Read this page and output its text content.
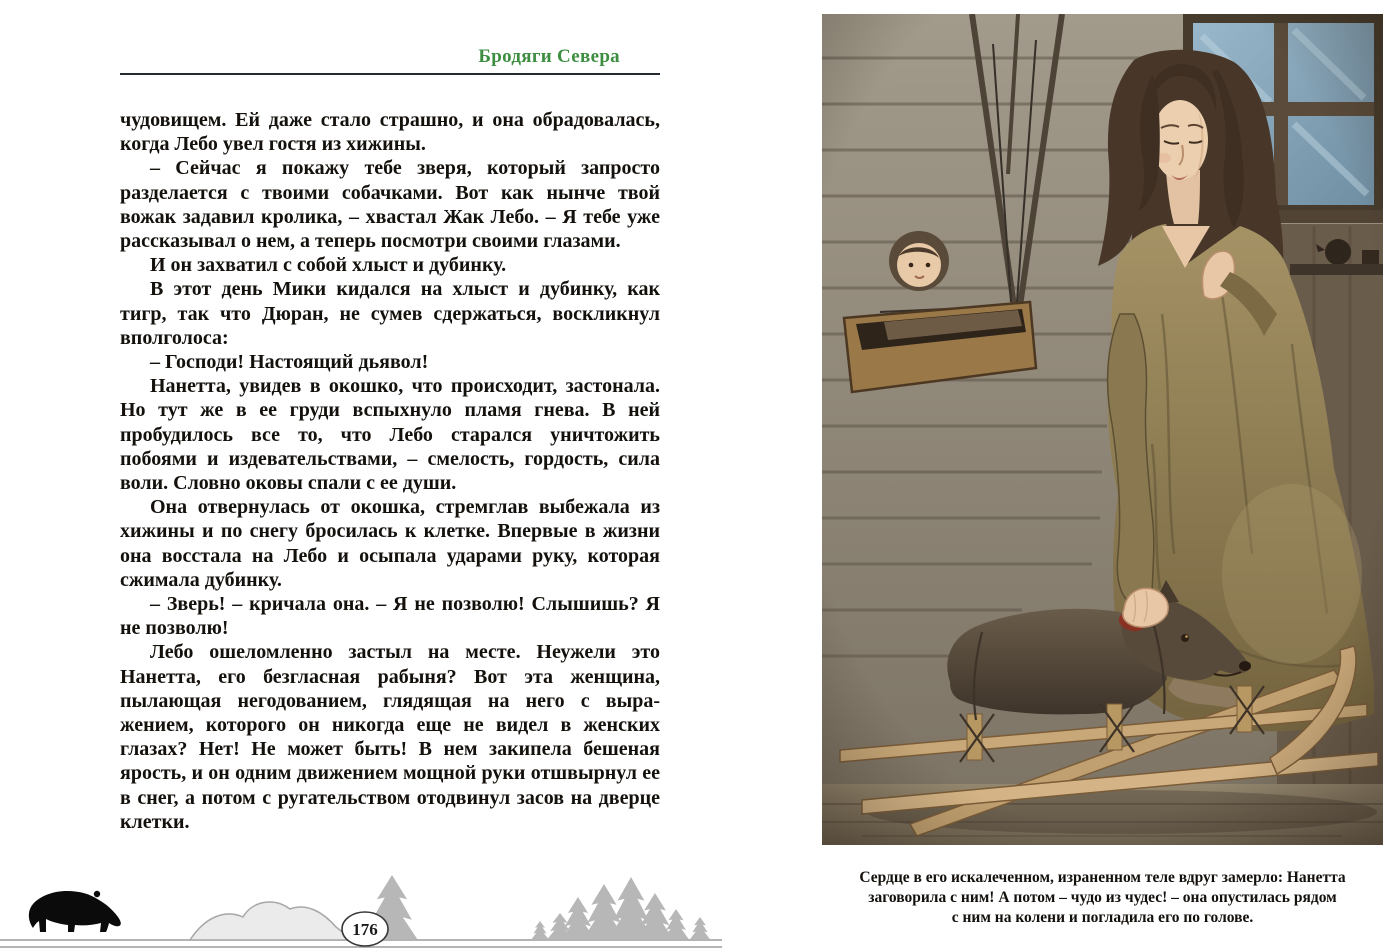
Бродяги Севера

чудовищем. Ей даже стало страшно, и она обрадовалась, когда Лебо увел гостя из хижины.

– Сейчас я покажу тебе зверя, который запросто разделается с твоими собачками. Вот как нынче твой вожак задавил кролика, – хвастал Жак Лебо. – Я тебе уже рассказывал о нем, а теперь посмотри своими глазами.

И он захватил с собой хлыст и дубинку.

В этот день Мики кидался на хлыст и дубинку, как тигр, так что Дюран, не сумев сдержаться, воскликнул вполголоса:

– Господи! Настоящий дьявол!

Нанетта, увидев в окошко, что происходит, застонала. Но тут же в ее груди вспыхнуло пламя гнева. В ней пробудилось все то, что Лебо старался уничтожить побоями и издевательствами, – смелость, гордость, сила воли. Словно оковы спали с ее души.

Она отвернулась от окошка, стремглав выбежала из хижины и по снегу бросилась к клетке. Впервые в жизни она восстала на Лебо и осыпала ударами руку, которая сжимала дубинку.

– Зверь! – кричала она. – Я не позволю! Слышишь? Я не позволю!

Лебо ошеломленно застыл на месте. Неужели это Нанетта, его безгласная рабыня? Вот эта женщина, пылающая негодованием, глядящая на него с выражением, которого он никогда еще не видел в женских глазах? Нет! Не может быть! В нем закипела бешеная ярость, и он одним движением мощной руки отшвырнул ее в снег, а потом с ругательством отодвинул засов на дверце клетки.

176
Сердце в его искалеченном, израненном теле вдруг замерло: Нанетта
заговорила с ним! А потом – чудо из чудес! – она опустилась рядом
с ним на колени и погладила его по голове.
